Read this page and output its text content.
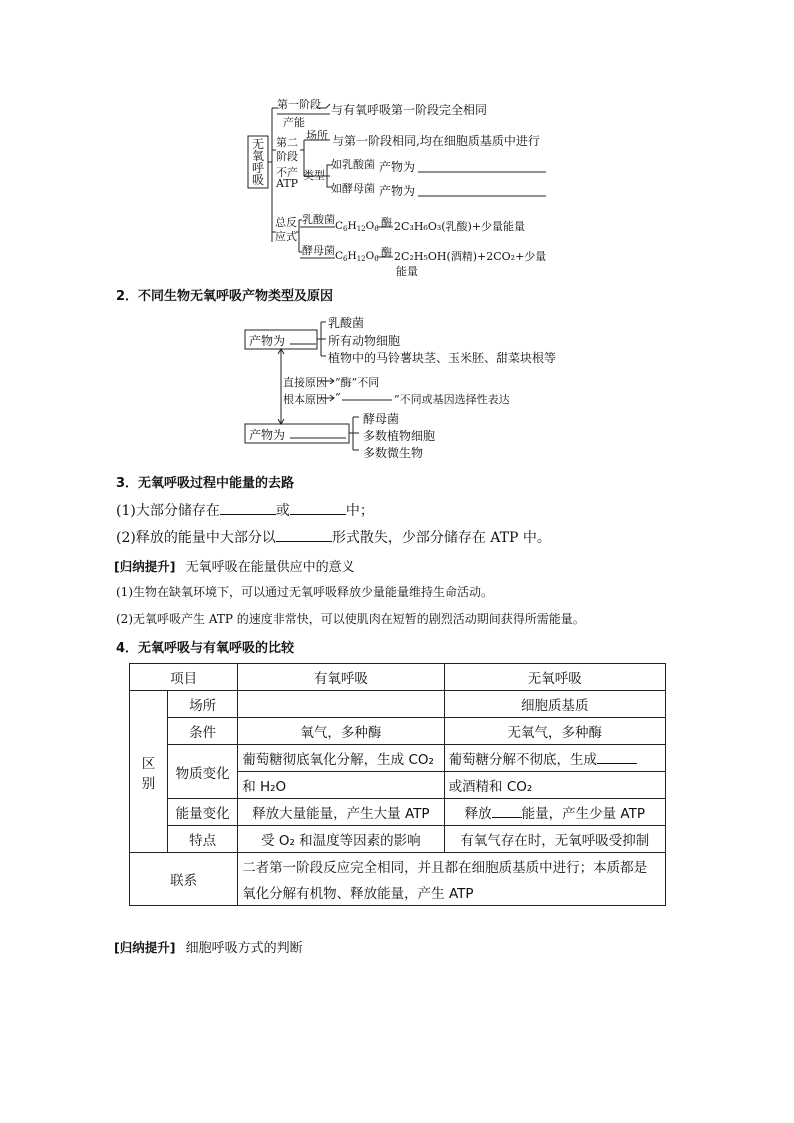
C6H12O6
C6H12O6
无氧呼吸
第一阶段 与有氧呼吸第一阶段完全相同
产能
第二
阶段
不产
ATP
场所 与第一阶段相同,均在细胞质基质中进行
类型
如乳酸菌 产物为
如酵母菌 产物为
总反
应式
乳酸菌	酶 2C₃H₆O₃(乳酸)+少量能量
酵母菌	酶 2C₂H₅OH(酒精)+2CO₂+少量
能量
2．不同生物无氧呼吸产物类型及原因
产物为
乳酸菌
所有动物细胞
植物中的马铃薯块茎、玉米胚、甜菜块根等
直接原因 “酶”不同
根本原因 “	”不同或基因选择性表达
产物为
酵母菌
多数植物细胞
多数微生物
3．无氧呼吸过程中能量的去路
(1)大部分储存在	或	中；
(2)释放的能量中大部分以	形式散失，少部分储存在 ATP 中。
[归纳提升] 无氧呼吸在能量供应中的意义
(1)生物在缺氧环境下，可以通过无氧呼吸释放少量能量维持生命活动。
(2)无氧呼吸产生 ATP 的速度非常快，可以使肌肉在短暂的剧烈活动期间获得所需能量。
4．无氧呼吸与有氧呼吸的比较
项目		有氧呼吸	无氧呼吸
区别	场所		细胞质基质
	条件	氧气，多种酶	无氧气，多种酶
	物质变化	葡萄糖彻底氧化分解，生成 CO₂	葡萄糖分解不彻底，生成
		和 H₂O	或酒精和 CO₂
	能量变化	释放大量能量，产生大量 ATP	释放 能量，产生少量 ATP
	特点	受 O₂ 和温度等因素的影响	有氧气存在时，无氧呼吸受抑制
联系		二者第一阶段反应完全相同，并且都在细胞质基质中进行；本质都是	
		氧化分解有机物、释放能量，产生 ATP	
[归纳提升] 细胞呼吸方式的判断
